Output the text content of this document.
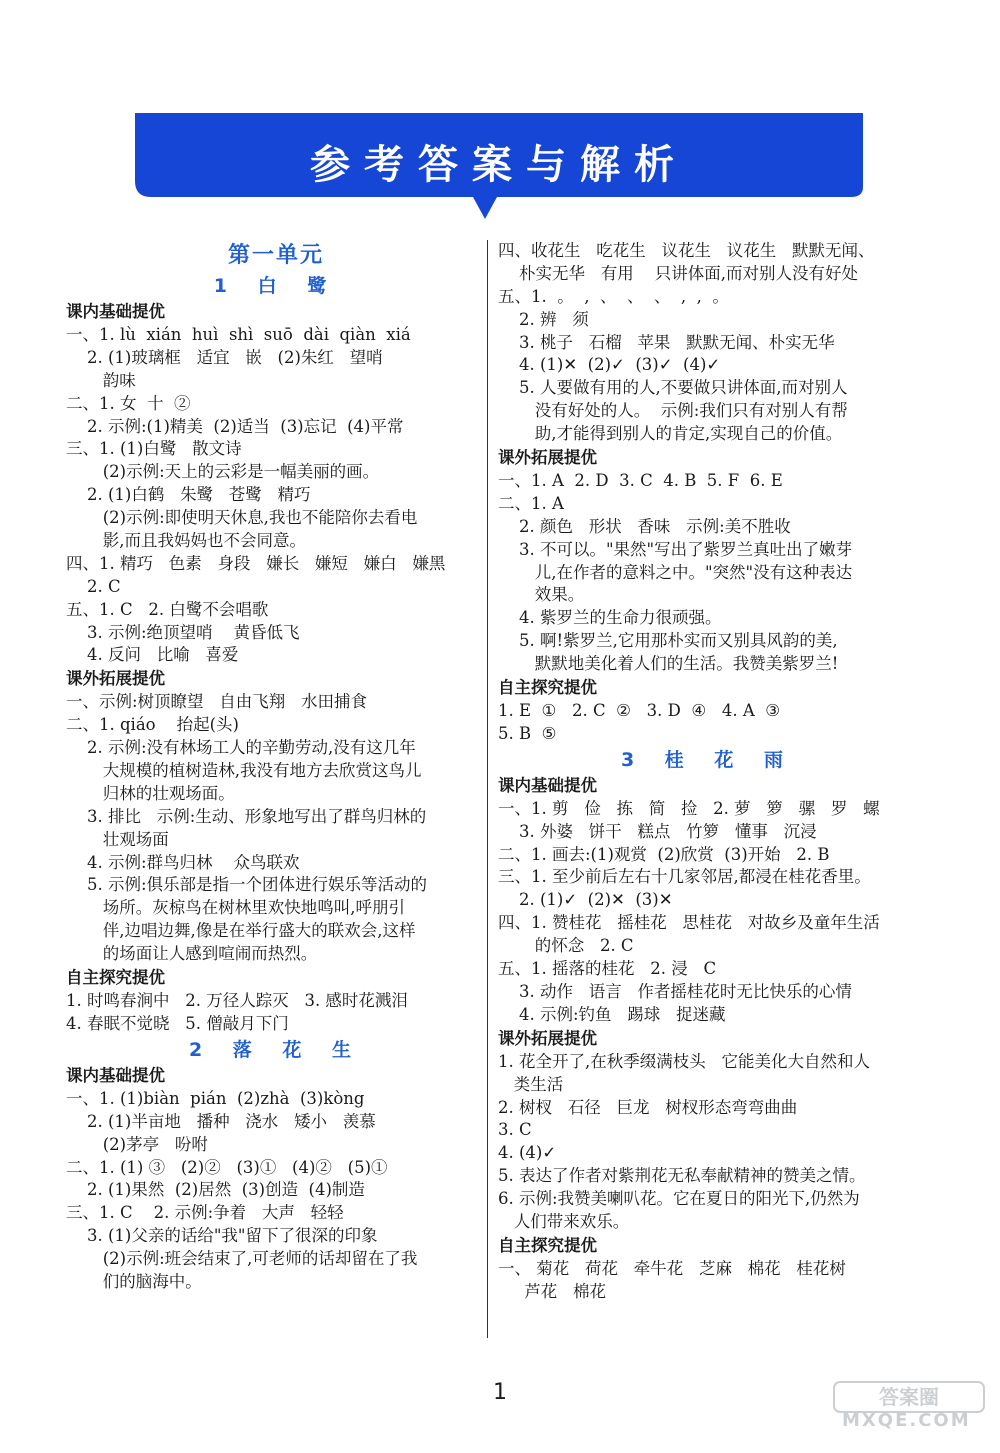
参考答案与解析
第一单元
1 白 鹭
课内基础提优
一、1. lù  xián  huì  shì  suō  dài  qiàn  xiá
2. (1)玻璃框   适宜   嵌   (2)朱红   望哨
韵味
二、1. 女  十  ②
2. 示例:(1)精美  (2)适当  (3)忘记  (4)平常
三、1. (1)白鹭   散文诗
(2)示例:天上的云彩是一幅美丽的画。
2. (1)白鹤   朱鹭   苍鹭   精巧
(2)示例:即使明天休息,我也不能陪你去看电
影,而且我妈妈也不会同意。
四、1. 精巧   色素   身段   嫌长   嫌短   嫌白   嫌黑
2. C
五、1. C   2. 白鹭不会唱歌
3. 示例:绝顶望哨    黄昏低飞
4. 反问   比喻   喜爱
课外拓展提优
一、示例:树顶瞭望   自由飞翔   水田捕食
二、1. qiáo    抬起(头)
2. 示例:没有林场工人的辛勤劳动,没有这几年
大规模的植树造林,我没有地方去欣赏这鸟儿
归林的壮观场面。
3. 排比   示例:生动、形象地写出了群鸟归林的
壮观场面
4. 示例:群鸟归林    众鸟联欢
5. 示例:俱乐部是指一个团体进行娱乐等活动的
场所。灰椋鸟在树林里欢快地鸣叫,呼朋引
伴,边唱边舞,像是在举行盛大的联欢会,这样
的场面让人感到喧闹而热烈。
自主探究提优
1. 时鸣春涧中   2. 万径人踪灭   3. 感时花溅泪
4. 春眠不觉晓   5. 僧敲月下门
2 落 花 生
课内基础提优
一、1. (1)biàn  pián  (2)zhà  (3)kòng
2. (1)半亩地   播种   浇水   矮小   羡慕
(2)茅亭   吩咐
二、1. (1) ③   (2)②   (3)①   (4)②   (5)①
2. (1)果然  (2)居然  (3)创造  (4)制造
三、1. C    2. 示例:争着   大声   轻轻
3. (1)父亲的话给"我"留下了很深的印象
(2)示例:班会结束了,可老师的话却留在了我
们的脑海中。
四、收花生   吃花生   议花生   议花生   默默无闻、
朴实无华   有用    只讲体面,而对别人没有好处
五、1.  。  ,  、  、  、  ,  ,  。
2. 辨   须
3. 桃子   石榴   苹果   默默无闻、朴实无华
4. (1)✕  (2)✓  (3)✓  (4)✓
5. 人要做有用的人,不要做只讲体面,而对别人
没有好处的人。  示例:我们只有对别人有帮
助,才能得到别人的肯定,实现自己的价值。
课外拓展提优
一、1. A  2. D  3. C  4. B  5. F  6. E
二、1. A
2. 颜色   形状   香味   示例:美不胜收
3. 不可以。"果然"写出了紫罗兰真吐出了嫩芽
儿,在作者的意料之中。"突然"没有这种表达
效果。
4. 紫罗兰的生命力很顽强。
5. 啊!紫罗兰,它用那朴实而又别具风韵的美,
默默地美化着人们的生活。我赞美紫罗兰!
自主探究提优
1. E  ①   2. C  ②   3. D  ④   4. A  ③
5. B  ⑤
3 桂 花 雨
课内基础提优
一、1. 剪   俭   拣   简   捡   2. 萝   箩   骡   罗   螺
3. 外婆   饼干   糕点   竹箩   懂事   沉浸
二、1. 画去:(1)观赏  (2)欣赏  (3)开始   2. B
三、1. 至少前后左右十几家邻居,都浸在桂花香里。
2. (1)✓  (2)✕  (3)✕
四、1. 赞桂花   摇桂花   思桂花   对故乡及童年生活
的怀念   2. C
五、1. 摇落的桂花   2. 浸   C
3. 动作   语言   作者摇桂花时无比快乐的心情
4. 示例:钓鱼   踢球   捉迷藏
课外拓展提优
1. 花全开了,在秋季缀满枝头   它能美化大自然和人
类生活
2. 树杈   石径   巨龙   树杈形态弯弯曲曲
3. C
4. (4)✓
5. 表达了作者对紫荆花无私奉献精神的赞美之情。
6. 示例:我赞美喇叭花。它在夏日的阳光下,仍然为
人们带来欢乐。
自主探究提优
一、 菊花   荷花   牵牛花   芝麻   棉花   桂花树
芦花   棉花
1	答案圈
MXQE.COM
